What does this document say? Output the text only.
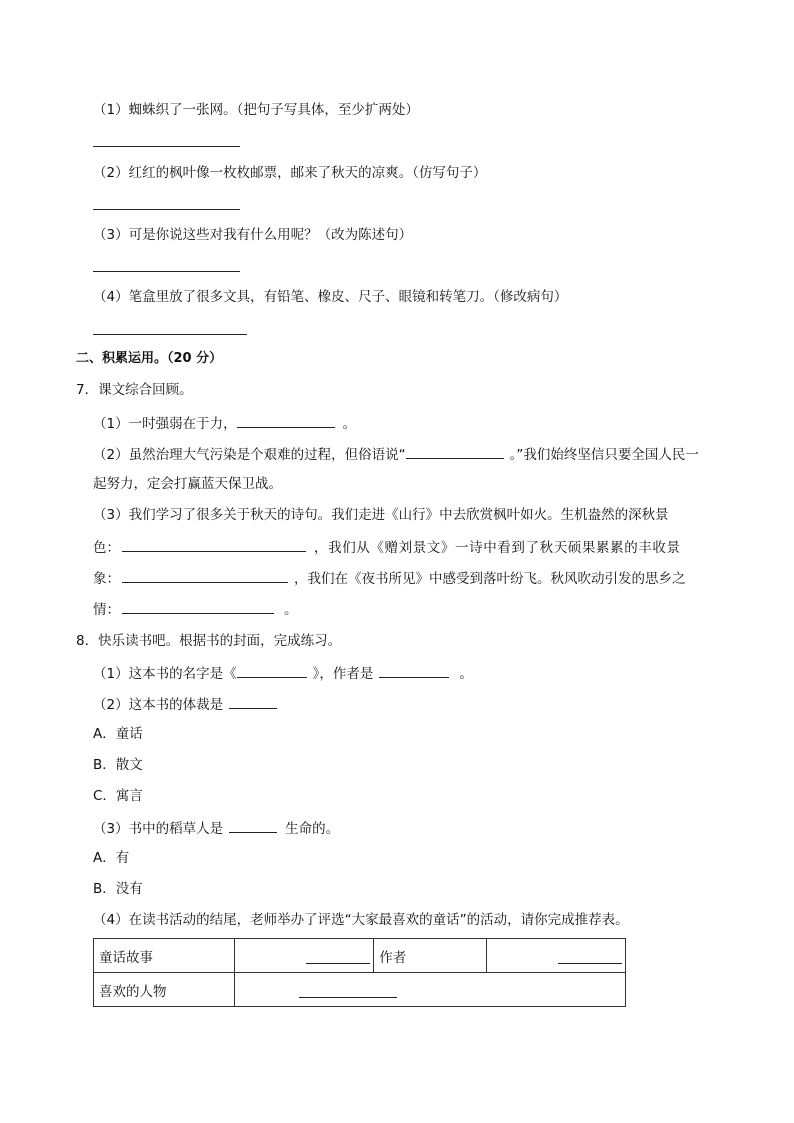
（1）蜘蛛织了一张网。（把句子写具体，至少扩两处）
（2）红红的枫叶像一枚枚邮票，邮来了秋天的凉爽。（仿写句子）
（3）可是你说这些对我有什么用呢？（改为陈述句）
（4）笔盒里放了很多文具，有铅笔、橡皮、尺子、眼镜和转笔刀。（修改病句）
二、积累运用。（20 分）
7．课文综合回顾。
（1）一时强弱在于力，	。
（2）虽然治理大气污染是个艰难的过程，但俗语说“	。”我们始终坚信只要全国人民一
起努力，定会打赢蓝天保卫战。
（3）我们学习了很多关于秋天的诗句。我们走进《山行》中去欣赏枫叶如火。生机盎然的深秋景
色：	，我们从《赠刘景文》一诗中看到了秋天硕果累累的丰收景
象：	，我们在《夜书所见》中感受到落叶纷飞。秋风吹动引发的思乡之
情：	。
8．快乐读书吧。根据书的封面，完成练习。
（1）这本书的名字是《	》，作者是	。
（2）这本书的体裁是
A．童话
B．散文
C．寓言
（3）书中的稻草人是	生命的。
A．有
B．没有
（4）在读书活动的结尾，老师举办了评选“大家最喜欢的童话”的活动，请你完成推荐表。
童话故事		作者	

喜欢的人物			
